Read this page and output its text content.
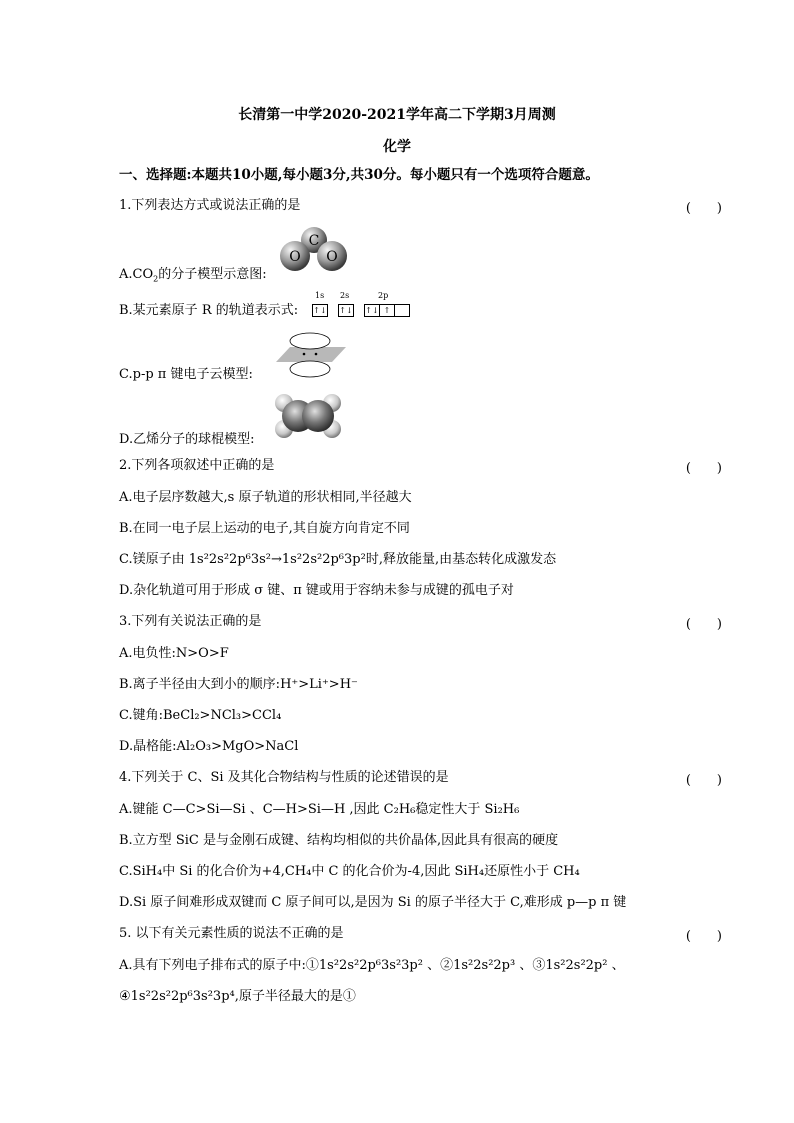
长清第一中学2020-2021学年高二下学期3月周测
化学
一、选择题:本题共10小题,每小题3分,共30分。每小题只有一个选项符合题意。
1.下列表达方式或说法正确的是	(　　)
$A.CO_2$的分子模型示意图:
O
C
O
B.某元素原子 R 的轨道表示式:
1s 2s	2p
↑↓ ↑↓ ↑↓ ↑
C.p-p π 键电子云模型:
D.乙烯分子的球棍模型:
2.下列各项叙述中正确的是	(　　)
A.电子层序数越大,s 原子轨道的形状相同,半径越大
B.在同一电子层上运动的电子,其自旋方向肯定不同
C.镁原子由 1s²2s²2p⁶3s²→1s²2s²2p⁶3p²时,释放能量,由基态转化成激发态
D.杂化轨道可用于形成 σ 键、π 键或用于容纳未参与成键的孤电子对
3.下列有关说法正确的是	(　　)
A.电负性:N>O>F
B.离子半径由大到小的顺序:H⁺>Li⁺>H⁻
C.键角:BeCl₂>NCl₃>CCl₄
D.晶格能:Al₂O₃>MgO>NaCl
4.下列关于 C、Si 及其化合物结构与性质的论述错误的是	(　　)
A.键能 C—C>Si—Si 、C—H>Si—H ,因此 C₂H₆稳定性大于 Si₂H₆
B.立方型 SiC 是与金刚石成键、结构均相似的共价晶体,因此具有很高的硬度
C.SiH₄中 Si 的化合价为+4,CH₄中 C 的化合价为-4,因此 SiH₄还原性小于 CH₄
D.Si 原子间难形成双键而 C 原子间可以,是因为 Si 的原子半径大于 C,难形成 p—p π 键
5. 以下有关元素性质的说法不正确的是	(　　)
A.具有下列电子排布式的原子中:①1s²2s²2p⁶3s²3p² 、②1s²2s²2p³ 、③1s²2s²2p² 、
④1s²2s²2p⁶3s²3p⁴,原子半径最大的是①
